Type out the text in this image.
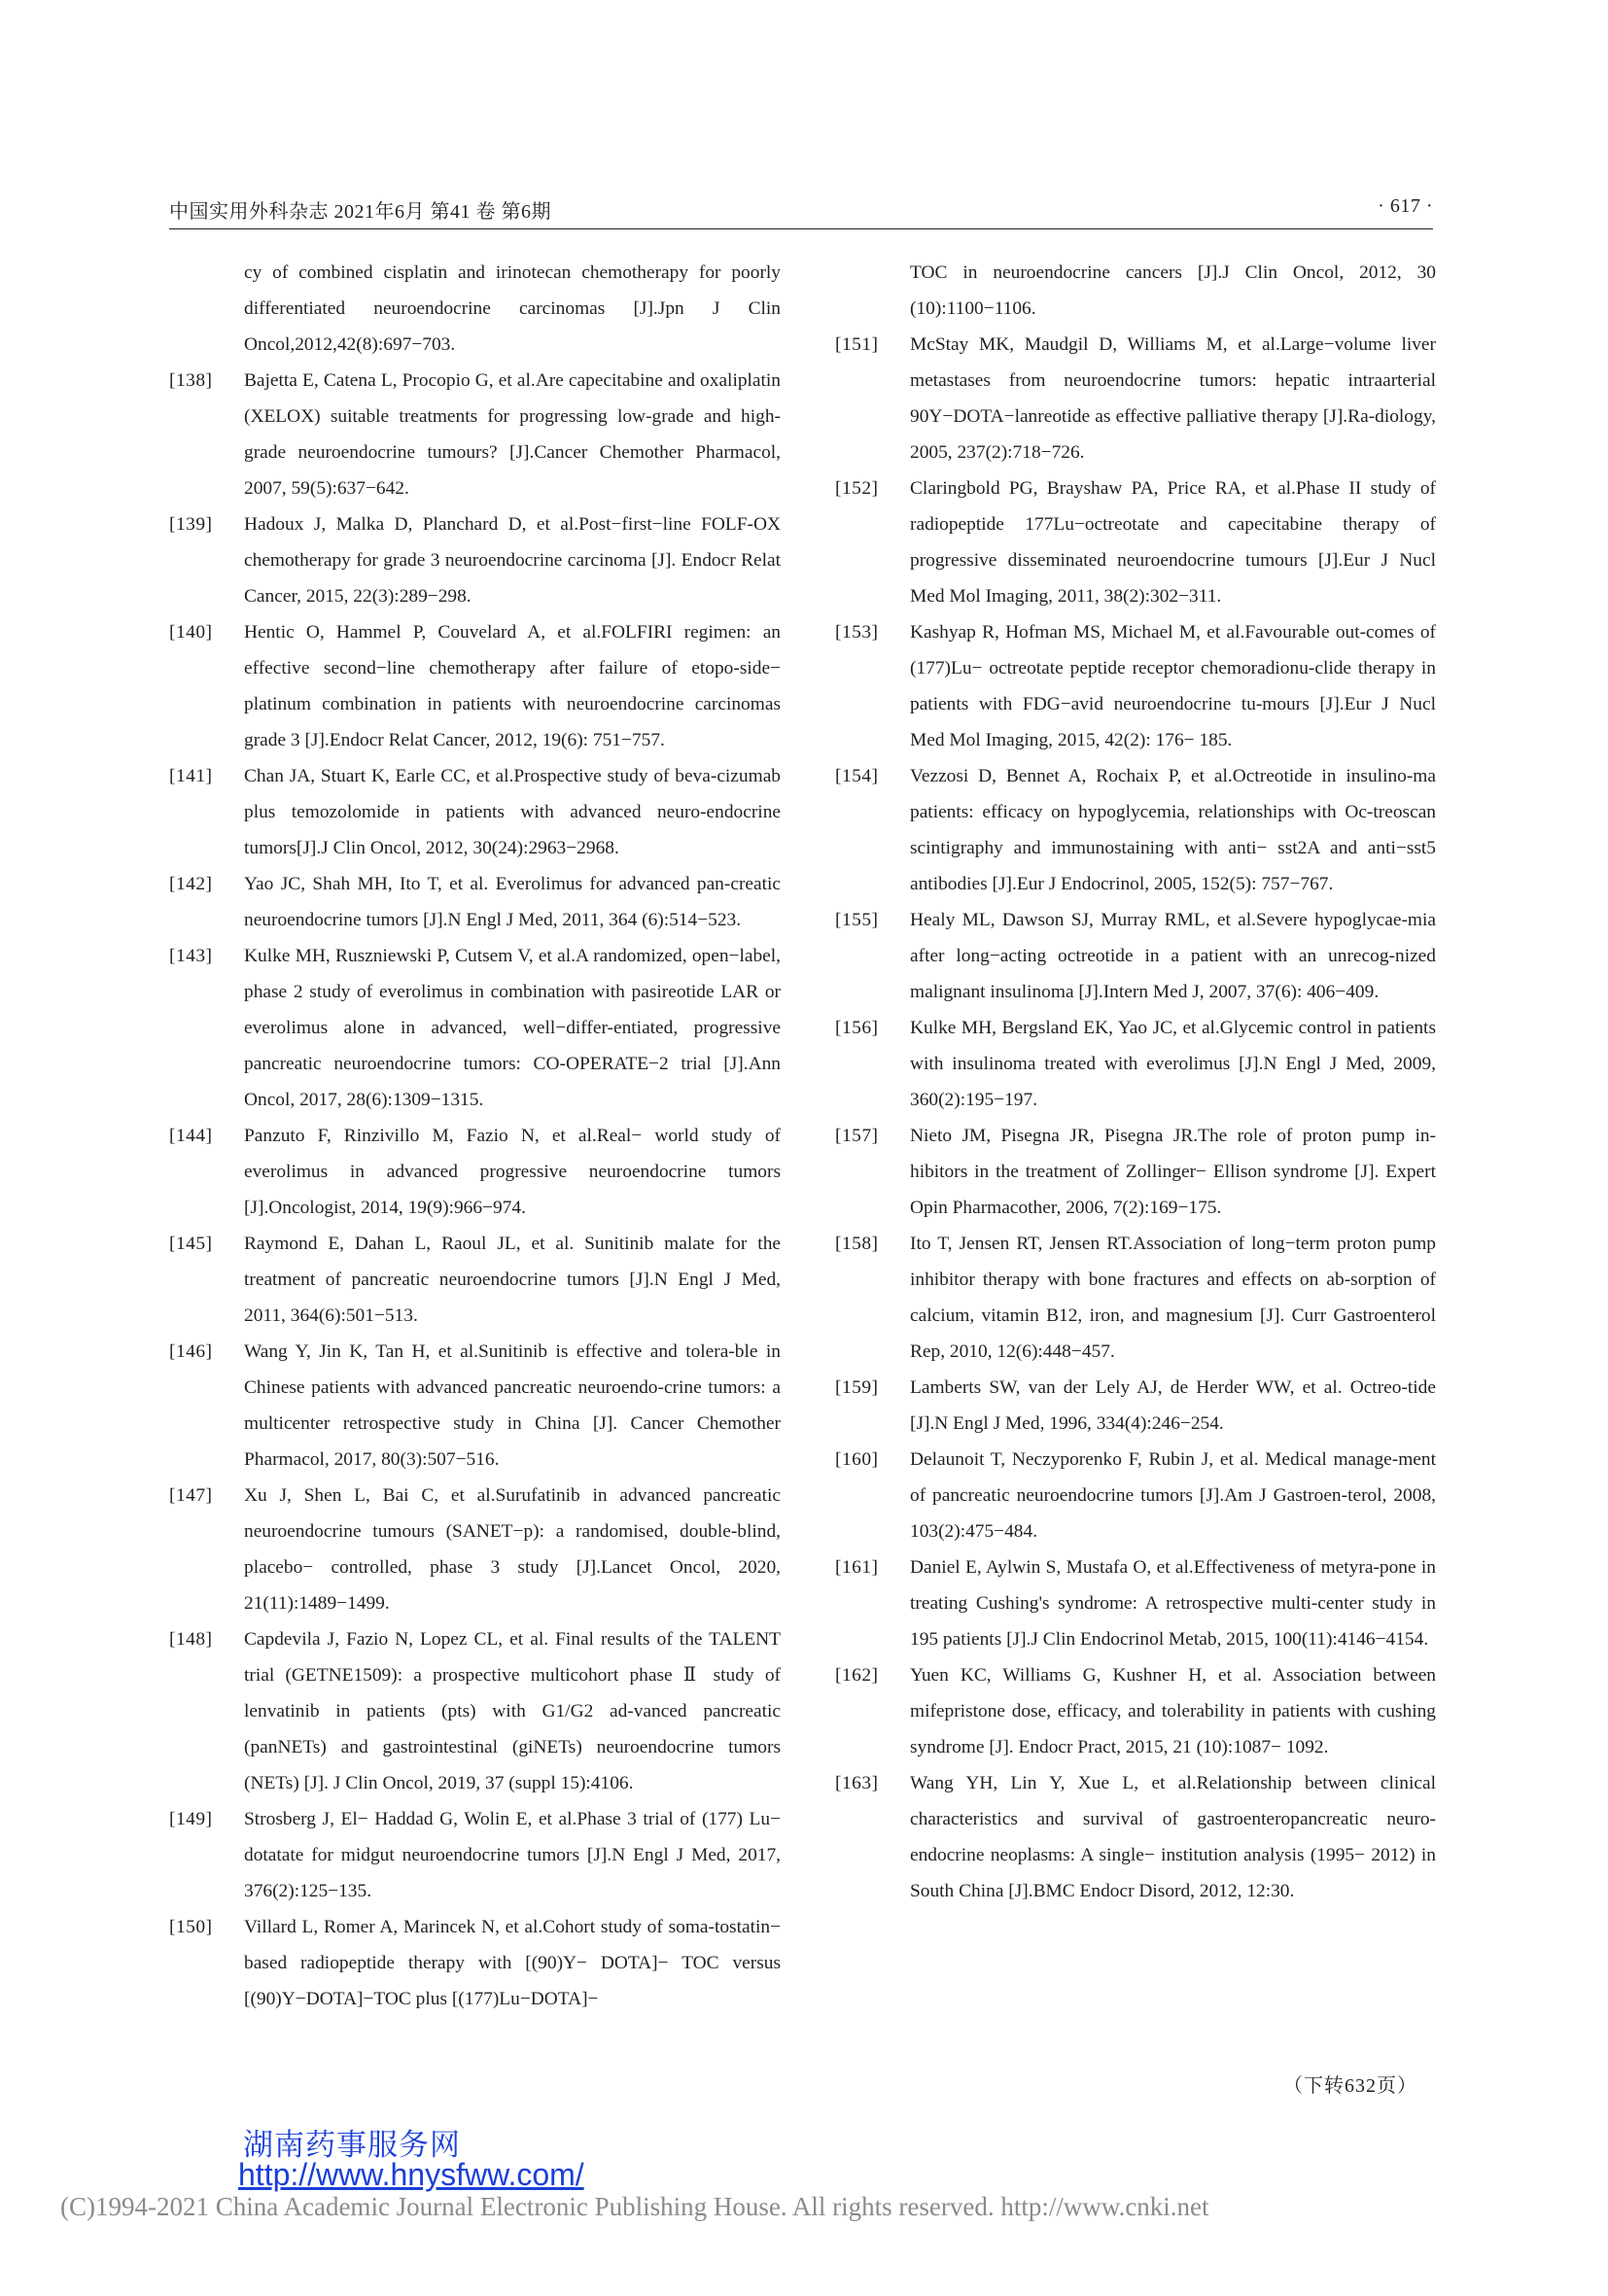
中国实用外科杂志 2021年6月 第41 卷 第6期	· 617 ·
cy of combined cisplatin and irinotecan chemotherapy for poorly differentiated neuroendocrine carcinomas [J].Jpn J Clin Oncol,2012,42(8):697−703.
[138] Bajetta E, Catena L, Procopio G, et al.Are capecitabine and oxaliplatin (XELOX) suitable treatments for progressing low-grade and high- grade neuroendocrine tumours? [J].Cancer Chemother Pharmacol, 2007, 59(5):637−642.
[139] Hadoux J, Malka D, Planchard D, et al.Post−first−line FOLF-OX chemotherapy for grade 3 neuroendocrine carcinoma [J]. Endocr Relat Cancer, 2015, 22(3):289−298.
[140] Hentic O, Hammel P, Couvelard A, et al.FOLFIRI regimen: an effective second−line chemotherapy after failure of etopo-side− platinum combination in patients with neuroendocrine carcinomas grade 3 [J].Endocr Relat Cancer, 2012, 19(6): 751−757.
[141] Chan JA, Stuart K, Earle CC, et al.Prospective study of beva-cizumab plus temozolomide in patients with advanced neuro-endocrine tumors[J].J Clin Oncol, 2012, 30(24):2963−2968.
[142] Yao JC, Shah MH, Ito T, et al. Everolimus for advanced pan-creatic neuroendocrine tumors [J].N Engl J Med, 2011, 364 (6):514−523.
[143] Kulke MH, Ruszniewski P, Cutsem V, et al.A randomized, open−label, phase 2 study of everolimus in combination with pasireotide LAR or everolimus alone in advanced, well−differ-entiated, progressive pancreatic neuroendocrine tumors: CO-OPERATE−2 trial [J].Ann Oncol, 2017, 28(6):1309−1315.
[144] Panzuto F, Rinzivillo M, Fazio N, et al.Real− world study of everolimus in advanced progressive neuroendocrine tumors [J].Oncologist, 2014, 19(9):966−974.
[145] Raymond E, Dahan L, Raoul JL, et al. Sunitinib malate for the treatment of pancreatic neuroendocrine tumors [J].N Engl J Med, 2011, 364(6):501−513.
[146] Wang Y, Jin K, Tan H, et al.Sunitinib is effective and tolera-ble in Chinese patients with advanced pancreatic neuroendo-crine tumors: a multicenter retrospective study in China [J]. Cancer Chemother Pharmacol, 2017, 80(3):507−516.
[147] Xu J, Shen L, Bai C, et al.Surufatinib in advanced pancreatic neuroendocrine tumours (SANET−p): a randomised, double-blind, placebo− controlled, phase 3 study [J].Lancet Oncol, 2020, 21(11):1489−1499.
[148] Capdevila J, Fazio N, Lopez CL, et al. Final results of the TALENT trial (GETNE1509): a prospective multicohort phase Ⅱ study of lenvatinib in patients (pts) with G1/G2 ad-vanced pancreatic (panNETs) and gastrointestinal (giNETs) neuroendocrine tumors (NETs) [J]. J Clin Oncol, 2019, 37 (suppl 15):4106.
[149] Strosberg J, El− Haddad G, Wolin E, et al.Phase 3 trial of (177) Lu− dotatate for midgut neuroendocrine tumors [J].N Engl J Med, 2017, 376(2):125−135.
[150] Villard L, Romer A, Marincek N, et al.Cohort study of soma-tostatin− based radiopeptide therapy with [(90)Y− DOTA]− TOC versus [(90)Y−DOTA]−TOC plus [(177)Lu−DOTA]−
TOC in neuroendocrine cancers [J].J Clin Oncol, 2012, 30 (10):1100−1106.
[151] McStay MK, Maudgil D, Williams M, et al.Large−volume liver metastases from neuroendocrine tumors: hepatic intraarterial 90Y−DOTA−lanreotide as effective palliative therapy [J].Ra-diology, 2005, 237(2):718−726.
[152] Claringbold PG, Brayshaw PA, Price RA, et al.Phase II study of radiopeptide 177Lu−octreotate and capecitabine therapy of progressive disseminated neuroendocrine tumours [J].Eur J Nucl Med Mol Imaging, 2011, 38(2):302−311.
[153] Kashyap R, Hofman MS, Michael M, et al.Favourable out-comes of (177)Lu− octreotate peptide receptor chemoradionu-clide therapy in patients with FDG−avid neuroendocrine tu-mours [J].Eur J Nucl Med Mol Imaging, 2015, 42(2): 176− 185.
[154] Vezzosi D, Bennet A, Rochaix P, et al.Octreotide in insulino-ma patients: efficacy on hypoglycemia, relationships with Oc-treoscan scintigraphy and immunostaining with anti− sst2A and anti−sst5 antibodies [J].Eur J Endocrinol, 2005, 152(5): 757−767.
[155] Healy ML, Dawson SJ, Murray RML, et al.Severe hypoglycae-mia after long−acting octreotide in a patient with an unrecog-nized malignant insulinoma [J].Intern Med J, 2007, 37(6): 406−409.
[156] Kulke MH, Bergsland EK, Yao JC, et al.Glycemic control in patients with insulinoma treated with everolimus [J].N Engl J Med, 2009, 360(2):195−197.
[157] Nieto JM, Pisegna JR, Pisegna JR.The role of proton pump in-hibitors in the treatment of Zollinger− Ellison syndrome [J]. Expert Opin Pharmacother, 2006, 7(2):169−175.
[158] Ito T, Jensen RT, Jensen RT.Association of long−term proton pump inhibitor therapy with bone fractures and effects on ab-sorption of calcium, vitamin B12, iron, and magnesium [J]. Curr Gastroenterol Rep, 2010, 12(6):448−457.
[159] Lamberts SW, van der Lely AJ, de Herder WW, et al. Octreo-tide [J].N Engl J Med, 1996, 334(4):246−254.
[160] Delaunoit T, Neczyporenko F, Rubin J, et al. Medical manage-ment of pancreatic neuroendocrine tumors [J].Am J Gastroen-terol, 2008, 103(2):475−484.
[161] Daniel E, Aylwin S, Mustafa O, et al.Effectiveness of metyra-pone in treating Cushing's syndrome: A retrospective multi-center study in 195 patients [J].J Clin Endocrinol Metab, 2015, 100(11):4146−4154.
[162] Yuen KC, Williams G, Kushner H, et al. Association between mifepristone dose, efficacy, and tolerability in patients with cushing syndrome [J]. Endocr Pract, 2015, 21 (10):1087− 1092.
[163] Wang YH, Lin Y, Xue L, et al.Relationship between clinical characteristics and survival of gastroenteropancreatic neuro-endocrine neoplasms: A single− institution analysis (1995− 2012) in South China [J].BMC Endocr Disord, 2012, 12:30.
（下转632页）
湖南药事服务网
http://www.hnysfww.com/
(C)1994-2021 China Academic Journal Electronic Publishing House. All rights reserved. http://www.cnki.net
